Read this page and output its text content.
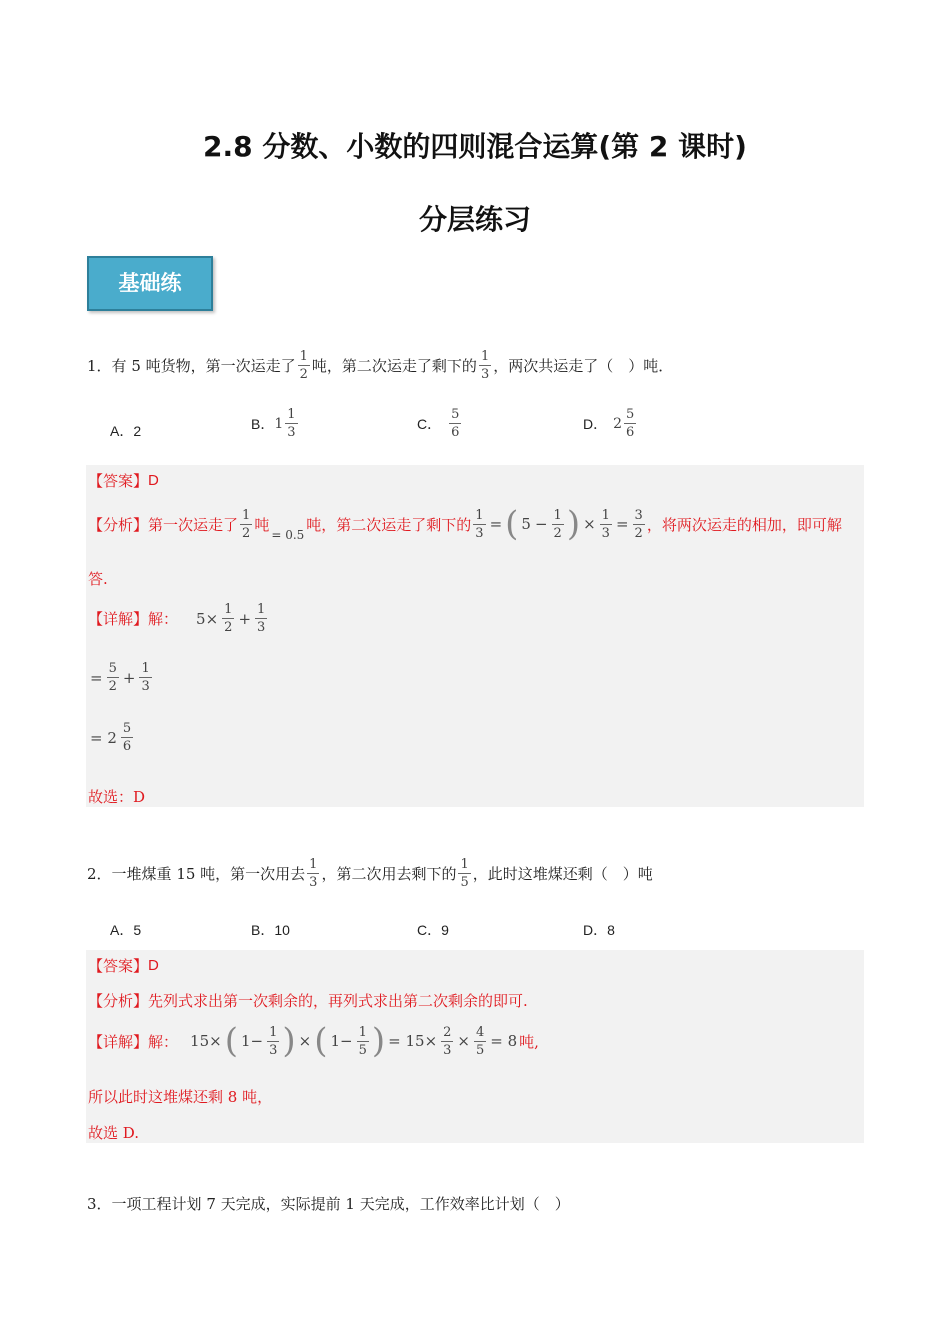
2.8 分数、小数的四则混合运算(第 2 课时)
分层练习
基础练
1． 有 5 吨货物，第一次运走了 $\frac{1}{2}$ 吨，第二次运走了剩下的 $\frac{1}{3}$ ，两次共运走了（　）吨．
A． 2	B． $1 \frac{1}{3}$	C． $\frac{5}{6}$	D． $2 \frac{5}{6}$
【答案】 D
【分析】 第一次运走了 $\frac{1}{2}$ 吨
= 0.5
吨，第二次运走了剩下的 $\frac{1}{3}$ = ( $5 - \frac{1}{2}$ ) × $\frac{1}{3} = \frac{3}{2}$ ，将两次运走的相加，即可解
答.
【详解】 解： $5\times \frac{1}{2} + \frac{1}{3}$
= $\frac{5}{2} + \frac{1}{3}$
= $2 \frac{5}{6}$
故选：D
2． 一堆煤重 15 吨，第一次用去 $\frac{1}{3}$ ，第二次用去剩下的 $\frac{1}{5}$ ，此时这堆煤还剩（　）吨
A． 5	B． 10	C． 9	D． 8
【答案】 D
【分析】 先列式求出第一次剩余的，再列式求出第二次剩余的即可.
【详解】 解： 15× ( $1- \frac{1}{3}$ ) × ( $1- \frac{1}{5}$ ) = $15\times \frac{2}{3} \times \frac{4}{5} = 8$ 吨,
所以此时这堆煤还剩 8 吨，
故选 D.
3． 一项工程计划 7 天完成，实际提前 1 天完成，工作效率比计划（　）
